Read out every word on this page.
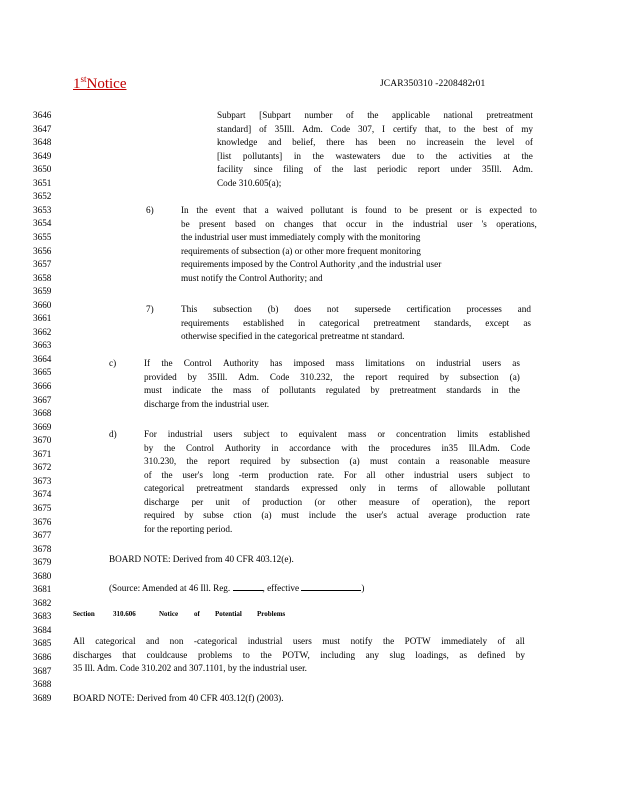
1stNotice	JCAR350310 -2208482r01
3646
3647
3648
3649
3650
3651
3652
3653
3654
3655
3656
3657
3658
3659
3660
3661
3662
3663
3664
3665
3666
3667
3668
3669
3670
3671
3672
3673
3674
3675
3676
3677
3678
3679
3680
3681
3682
3683
3684
3685
3686
3687
3688
3689
Subpart [Subpart number of the applicable national pretreatment
standard] of 35Ill. Adm. Code 307, I certify that, to the best of my
knowledge and belief, there has been no increasein the level of
[list pollutants] in the wastewaters due to the activities at the
facility since filing of the last periodic report under 35Ill. Adm.
Code 310.605(a);
6)	In the event that a waived pollutant is found to be present or is expected to
be present based on changes that occur in the industrial user 's operations,
the industrial user must immediately comply with the monitoring
requirements of subsection (a) or other more frequent monitoring
requirements imposed by the Control Authority ,and the industrial user
must notify the Control Authority; and
7)	This subsection (b) does not supersede certification processes and
requirements established in categorical pretreatment standards, except as
otherwise specified in the categorical pretreatme nt standard.
c)	If the Control Authority has imposed mass limitations on industrial users as
provided by 35Ill. Adm. Code 310.232, the report required by subsection (a)
must indicate the mass of pollutants regulated by pretreatment standards in the
discharge from the industrial user.
d)	For industrial users subject to equivalent mass or concentration limits established
by the Control Authority in accordance with the procedures in35 Ill.Adm. Code
310.230, the report required by subsection (a) must contain a reasonable measure
of the user's long -term production rate. For all other industrial users subject to
categorical pretreatment standards expressed only in terms of allowable pollutant
discharge per unit of production (or other measure of operation), the report
required by subse ction (a) must include the user's actual average production rate
for the reporting period.
BOARD NOTE: Derived from 40 CFR 403.12(e).
(Source: Amended at 46 Ill. Reg.	, effective	)
Section	310.606	Notice of Potential Problems
All categorical and non -categorical industrial users must notify the POTW immediately of all
discharges that couldcause problems to the POTW, including any slug loadings, as defined by
35 Ill. Adm. Code 310.202 and 307.1101, by the industrial user.
BOARD NOTE: Derived from 40 CFR 403.12(f) (2003).
